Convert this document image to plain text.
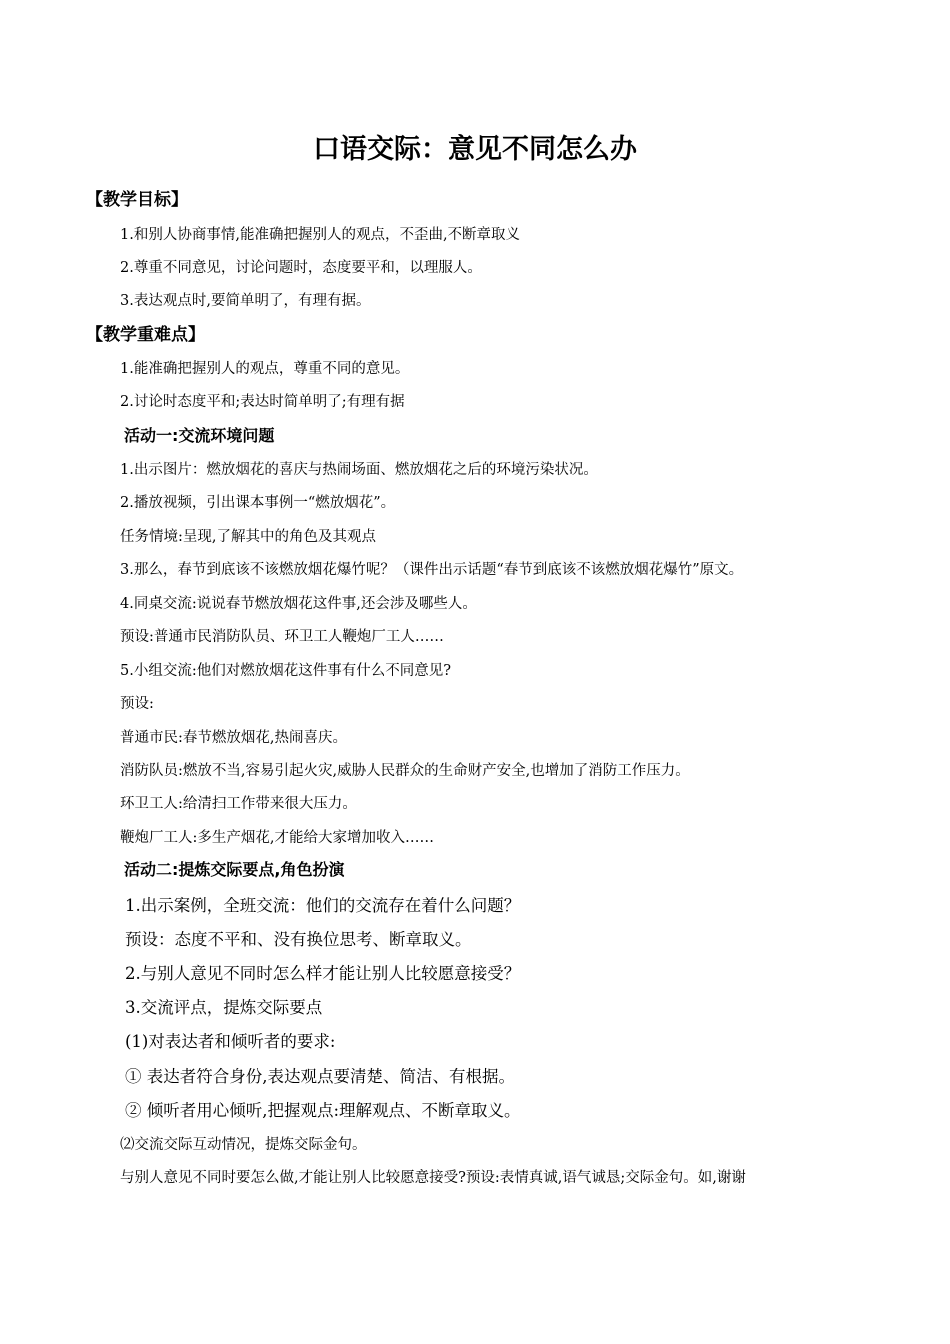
口语交际：意见不同怎么办
【教学目标】
1.和别人协商事情,能准确把握别人的观点，不歪曲,不断章取义
2.尊重不同意见，讨论问题时，态度要平和，以理服人。
3.表达观点时,要简单明了，有理有据。
【教学重难点】
1.能准确把握别人的观点，尊重不同的意见。
2.讨论时态度平和;表达时简单明了;有理有据
活动一:交流环境问题
1.出示图片：燃放烟花的喜庆与热闹场面、燃放烟花之后的环境污染状况。
2.播放视频，引出课本事例一“燃放烟花”。
任务情境:呈现,了解其中的角色及其观点
3.那么，春节到底该不该燃放烟花爆竹呢？（课件出示话题“春节到底该不该燃放烟花爆竹”原文。
4.同桌交流:说说春节燃放烟花这件事,还会涉及哪些人。
预设:普通市民消防队员、环卫工人鞭炮厂工人……
5.小组交流:他们对燃放烟花这件事有什么不同意见?
预设:
普通市民:春节燃放烟花,热闹喜庆。
消防队员:燃放不当,容易引起火灾,威胁人民群众的生命财产安全,也增加了消防工作压力。
环卫工人:给清扫工作带来很大压力。
鞭炮厂工人:多生产烟花,才能给大家增加收入……
活动二:提炼交际要点,角色扮演
1.出示案例，全班交流：他们的交流存在着什么问题？
预设：态度不平和、没有换位思考、断章取义。
2.与别人意见不同时怎么样才能让别人比较愿意接受？
3.交流评点，提炼交际要点
(1)对表达者和倾听者的要求:
① 表达者符合身份,表达观点要清楚、简洁、有根据。
② 倾听者用心倾听,把握观点:理解观点、不断章取义。
⑵交流交际互动情况，提炼交际金句。
与别人意见不同时要怎么做,才能让别人比较愿意接受?预设:表情真诚,语气诚恳;交际金句。如,谢谢
